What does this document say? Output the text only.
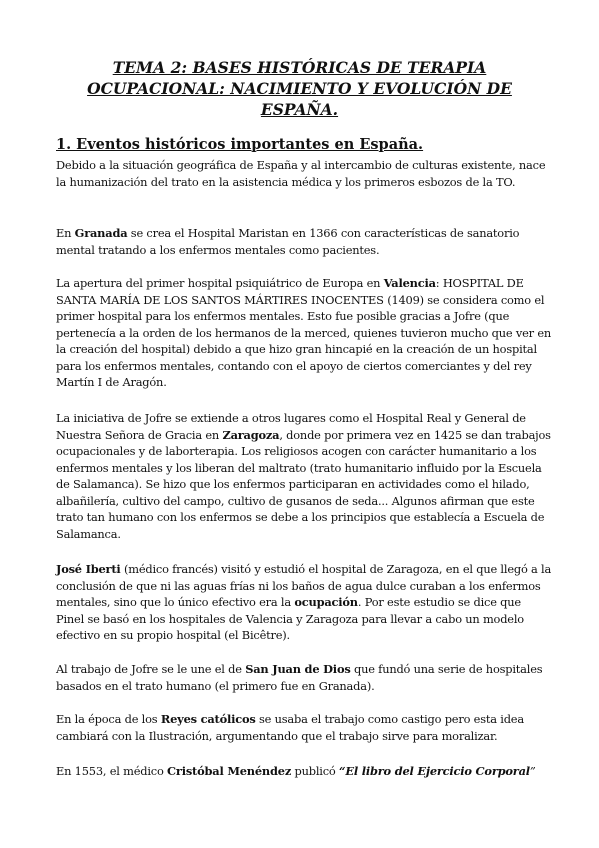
TEMA 2: BASES HISTÓRICAS DE TERAPIA
OCUPACIONAL: NACIMIENTO Y EVOLUCIÓN DE
ESPAÑA.
1. Eventos históricos importantes en España.
Debido a la situación geográfica de España y al intercambio de culturas existente, nace la humanización del trato en la asistencia médica y los primeros esbozos de la TO.
En Granada se crea el Hospital Maristan en 1366 con características de sanatorio mental tratando a los enfermos mentales como pacientes.
La apertura del primer hospital psiquiátrico de Europa en Valencia: HOSPITAL DE SANTA MARÍA DE LOS SANTOS MÁRTIRES INOCENTES (1409) se considera como el primer hospital para los enfermos mentales. Esto fue posible gracias a Jofre (que pertenecía a la orden de los hermanos de la merced, quienes tuvieron mucho que ver en la creación del hospital) debido a que hizo gran hincapié en la creación de un hospital para los enfermos mentales, contando con el apoyo de ciertos comerciantes y del rey Martín I de Aragón.
La iniciativa de Jofre se extiende a otros lugares como el Hospital Real y General de Nuestra Señora de Gracia en Zaragoza, donde por primera vez en 1425 se dan trabajos ocupacionales y de laborterapia. Los religiosos acogen con carácter humanitario a los enfermos mentales y los liberan del maltrato (trato humanitario influido por la Escuela de Salamanca). Se hizo que los enfermos participaran en actividades como el hilado, albañilería, cultivo del campo, cultivo de gusanos de seda... Algunos afirman que este trato tan humano con los enfermos se debe a los principios que establecía a Escuela de Salamanca.
José Iberti (médico francés) visitó y estudió el hospital de Zaragoza, en el que llegó a la conclusión de que ni las aguas frías ni los baños de agua dulce curaban a los enfermos mentales, sino que lo único efectivo era la ocupación. Por este estudio se dice que Pinel se basó en los hospitales de Valencia y Zaragoza para llevar a cabo un modelo efectivo en su propio hospital (el Bicêtre).
Al trabajo de Jofre se le une el de San Juan de Dios que fundó una serie de hospitales basados en el trato humano (el primero fue en Granada).
En la época de los Reyes católicos se usaba el trabajo como castigo pero esta idea cambiará con la Ilustración, argumentando que el trabajo sirve para moralizar.
En 1553, el médico Cristóbal Menéndez publicó “El libro del Ejercicio Corporal”
